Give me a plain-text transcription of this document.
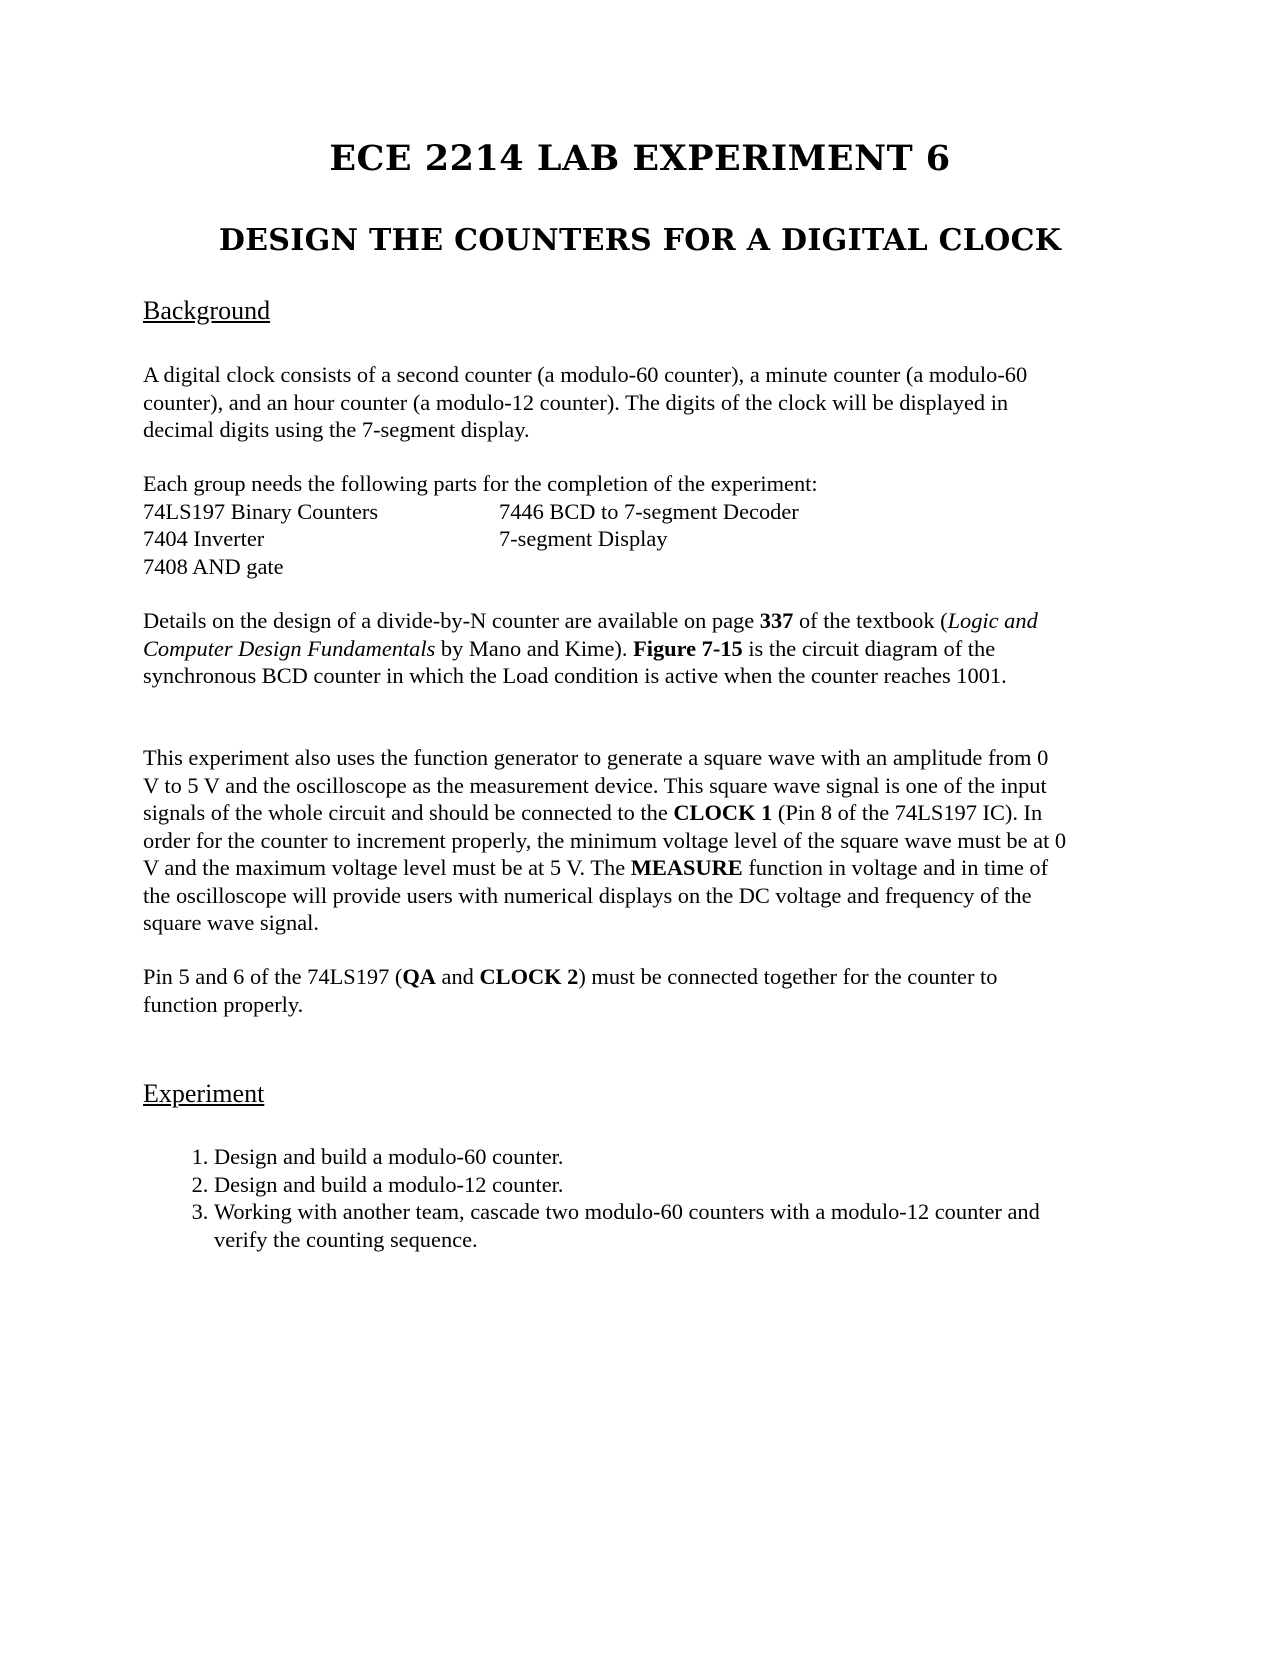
ECE 2214 LAB EXPERIMENT 6
DESIGN THE COUNTERS FOR A DIGITAL CLOCK
Background

A digital clock consists of a second counter (a modulo-60 counter), a minute counter (a modulo-60 counter), and an hour counter (a modulo-12 counter). The digits of the clock will be displayed in decimal digits using the 7-segment display.

Each group needs the following parts for the completion of the experiment:
74LS197 Binary Counters	7446 BCD to 7-segment Decoder
7404 Inverter	7-segment Display
7408 AND gate

Details on the design of a divide-by-N counter are available on page 337 of the textbook (Logic and Computer Design Fundamentals by Mano and Kime). Figure 7-15 is the circuit diagram of the synchronous BCD counter in which the Load condition is active when the counter reaches 1001.

This experiment also uses the function generator to generate a square wave with an amplitude from 0 V to 5 V and the oscilloscope as the measurement device. This square wave signal is one of the input signals of the whole circuit and should be connected to the CLOCK 1 (Pin 8 of the 74LS197 IC). In order for the counter to increment properly, the minimum voltage level of the square wave must be at 0 V and the maximum voltage level must be at 5 V. The MEASURE function in voltage and in time of the oscilloscope will provide users with numerical displays on the DC voltage and frequency of the square wave signal.

Pin 5 and 6 of the 74LS197 (QA and CLOCK 2) must be connected together for the counter to function properly.

Experiment
1. Design and build a modulo-60 counter.
2. Design and build a modulo-12 counter.
3. Working with another team, cascade two modulo-60 counters with a modulo-12 counter and verify the counting sequence.
